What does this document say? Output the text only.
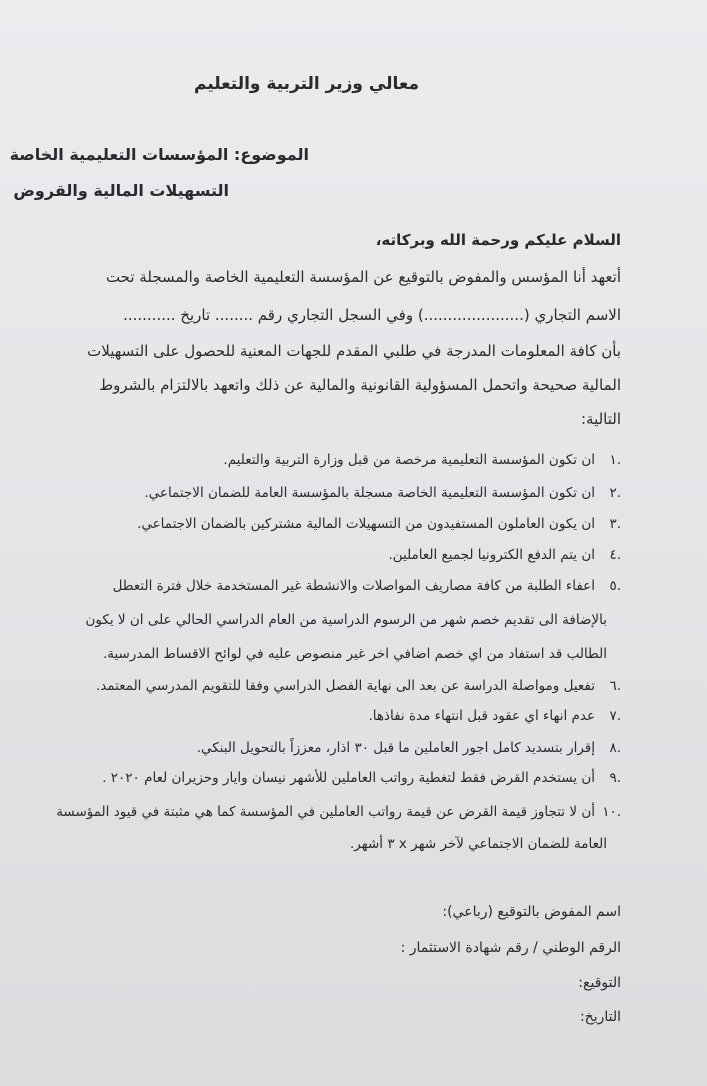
معالي وزير التربية والتعليم
الموضوع: المؤسسات التعليمية الخاصة
التسهيلات المالية والقروض
السلام عليكم ورحمة الله وبركاته،
أتعهد أنا المؤسس والمفوض بالتوقيع عن المؤسسة التعليمية الخاصة والمسجلة تحت
الاسم التجاري (.....................) وفي السجل التجاري رقم ........ تاريخ ...........
بأن كافة المعلومات المدرجة في طلبي المقدم للجهات المعنية للحصول على التسهيلات
المالية صحيحة واتحمل المسؤولية القانونية والمالية عن ذلك واتعهد بالالتزام بالشروط
التالية:
.١
ان تكون المؤسسة التعليمية مرخصة من قبل وزارة التربية والتعليم.
.٢
ان تكون المؤسسة التعليمية الخاصة مسجلة بالمؤسسة العامة للضمان الاجتماعي.
.٣
ان يكون العاملون المستفيدون من التسهيلات المالية مشتركين بالضمان الاجتماعي.
.٤
ان يتم الدفع الكترونيا لجميع العاملين.
.٥
اعفاء الطلبة من كافة مصاريف المواصلات والانشطة غير المستخدمة خلال فترة التعطل
بالإضافة الى تقديم خصم شهر من الرسوم الدراسية من العام الدراسي الحالي على ان لا يكون
الطالب قد استفاد من اي خصم اضافي اخر غير منصوص عليه في لوائح الاقساط المدرسية.
.٦
تفعيل ومواصلة الدراسة عن بعد الى نهاية الفصل الدراسي وفقا للتقويم المدرسي المعتمد.
.٧
عدم انهاء اي عقود قبل انتهاء مدة نفاذها.
.٨
إقرار بتسديد كامل اجور العاملين ما قبل ٣٠ اذار، معززاً بالتحويل البنكي.
.٩
أن يستخدم القرض فقط لتغطية رواتب العاملين للأشهر نيسان وايار وحزيران لعام ٢٠٢٠ .
.١٠
أن لا تتجاوز قيمة القرض عن قيمة رواتب العاملين في المؤسسة كما هي مثبتة في قيود المؤسسة
العامة للضمان الاجتماعي لآخر شهر x ٣ أشهر.
اسم المفوض بالتوقيع (رباعي):
الرقم الوطني / رقم شهادة الاستثمار :
التوقيع:
التاريخ:
